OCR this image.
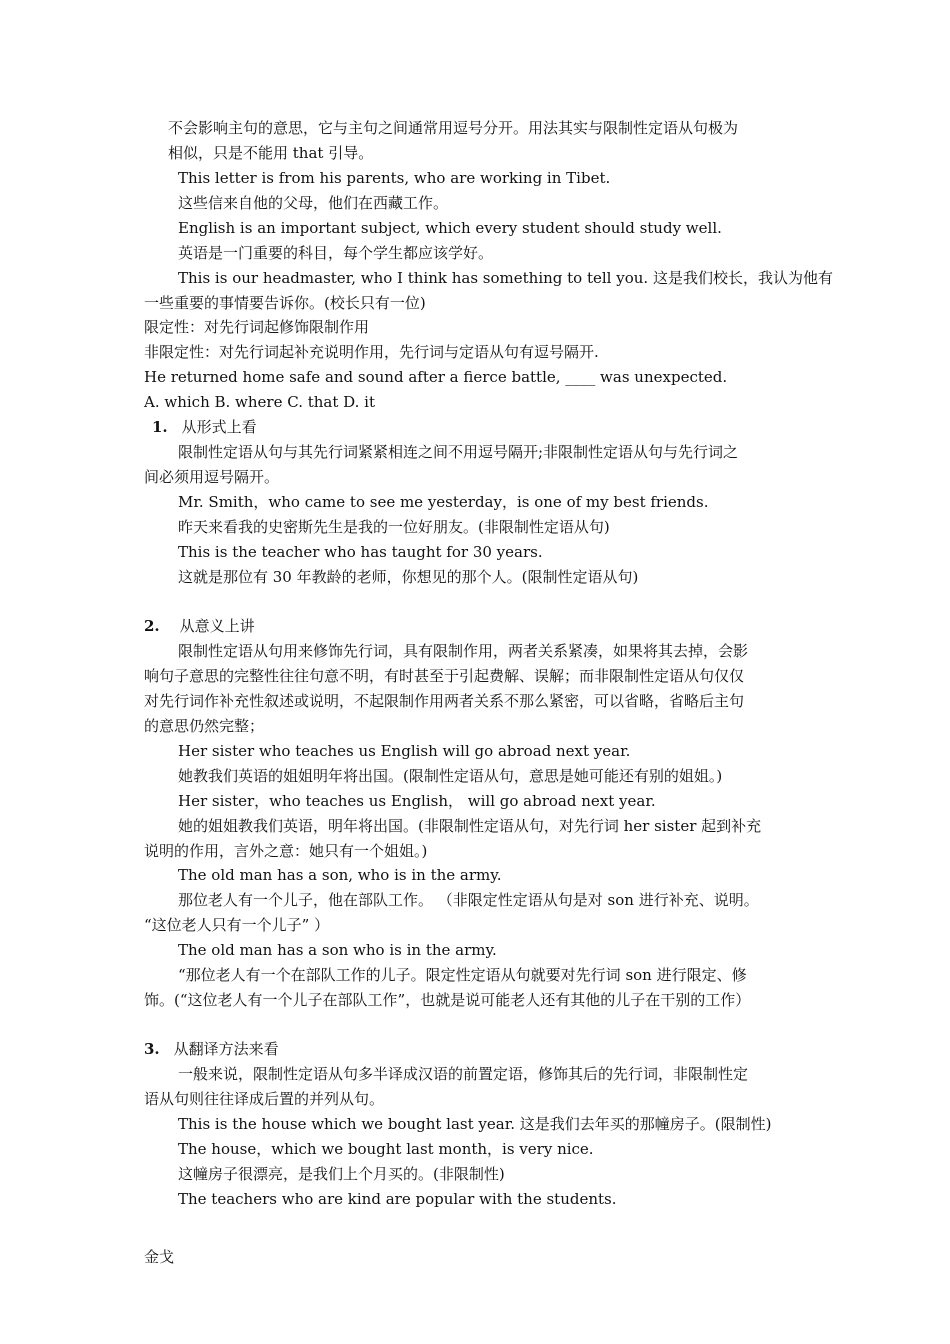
不会影响主句的意思，它与主句之间通常用逗号分开。用法其实与限制性定语从句极为
相似，只是不能用 that 引导。
This letter is from his parents, who are working in Tibet.
这些信来自他的父母，他们在西藏工作。
English is an important subject, which every student should study well.
英语是一门重要的科目，每个学生都应该学好。
This is our headmaster, who I think has something to tell you. 这是我们校长，我认为他有
一些重要的事情要告诉你。(校长只有一位)
限定性：对先行词起修饰限制作用
非限定性：对先行词起补充说明作用，先行词与定语从句有逗号隔开.
He returned home safe and sound after a fierce battle, ____ was unexpected.
A. which B. where C. that D. it
1. 从形式上看
限制性定语从句与其先行词紧紧相连之间不用逗号隔开;非限制性定语从句与先行词之
间必须用逗号隔开。
Mr. Smith，who came to see me yesterday，is one of my best friends.
昨天来看我的史密斯先生是我的一位好朋友。(非限制性定语从句)
This is the teacher who has taught for 30 years.
这就是那位有 30 年教龄的老师，你想见的那个人。(限制性定语从句)
2. 从意义上讲
限制性定语从句用来修饰先行词，具有限制作用，两者关系紧凑，如果将其去掉，会影
响句子意思的完整性往往句意不明，有时甚至于引起费解、误解；而非限制性定语从句仅仅
对先行词作补充性叙述或说明，不起限制作用两者关系不那么紧密，可以省略，省略后主句
的意思仍然完整；
Her sister who teaches us English will go abroad next year.
她教我们英语的姐姐明年将出国。(限制性定语从句，意思是她可能还有别的姐姐。)
Her sister，who teaches us English， will go abroad next year.
她的姐姐教我们英语，明年将出国。(非限制性定语从句，对先行词 her sister 起到补充
说明的作用，言外之意：她只有一个姐姐。)
The old man has a son, who is in the army.
那位老人有一个儿子，他在部队工作。 （非限定性定语从句是对 son 进行补充、说明。
“这位老人只有一个儿子” ）
The old man has a son who is in the army.
“那位老人有一个在部队工作的儿子。限定性定语从句就要对先行词 son 进行限定、修
饰。(“这位老人有一个儿子在部队工作”，也就是说可能老人还有其他的儿子在干别的工作）
3. 从翻译方法来看
一般来说，限制性定语从句多半译成汉语的前置定语，修饰其后的先行词，非限制性定
语从句则往往译成后置的并列从句。
This is the house which we bought last year. 这是我们去年买的那幢房子。(限制性)
The house，which we bought last month，is very nice.
这幢房子很漂亮，是我们上个月买的。(非限制性)
The teachers who are kind are popular with the students.
金戈
